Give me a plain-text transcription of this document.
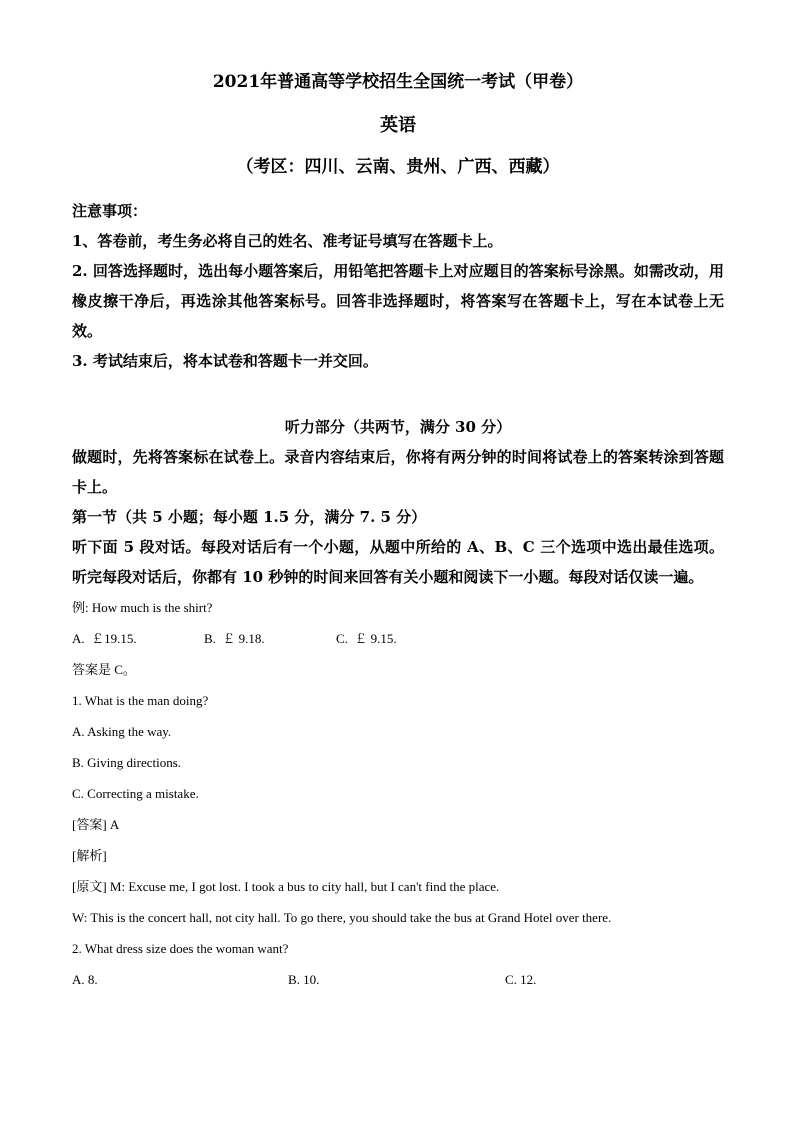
2021年普通高等学校招生全国统一考试（甲卷）

英语

（考区：四川、云南、贵州、广西、西藏）

注意事项：

1、答卷前，考生务必将自己的姓名、准考证号填写在答题卡上。

2. 回答选择题时，选出每小题答案后，用铅笔把答题卡上对应题目的答案标号涂黑。如需改动，用橡皮擦干净后，再选涂其他答案标号。回答非选择题时，将答案写在答题卡上，写在本试卷上无效。

3. 考试结束后，将本试卷和答题卡一并交回。

听力部分（共两节，满分 30 分）

做题时，先将答案标在试卷上。录音内容结束后，你将有两分钟的时间将试卷上的答案转涂到答题卡上。

第一节（共 5 小题；每小题 1.5 分，满分 7. 5 分）

听下面 5 段对话。每段对话后有一个小题，从题中所给的 A、B、C 三个选项中选出最佳选项。听完每段对话后，你都有 10 秒钟的时间来回答有关小题和阅读下一小题。每段对话仅读一遍。

例: How much is the shirt?

A.  ￡19.15.	B.  ￡ 9.18.	C.  ￡ 9.15.

答案是 C。

1. What is the man doing?

A. Asking the way.

B. Giving directions.

C. Correcting a mistake.

[答案] A

[解析]

[原文] M: Excuse me, I got lost. I took a bus to city hall, but I can't find the place.

W: This is the concert hall, not city hall. To go there, you should take the bus at Grand Hotel over there.

2. What dress size does the woman want?

A. 8.	B. 10.	C. 12.
